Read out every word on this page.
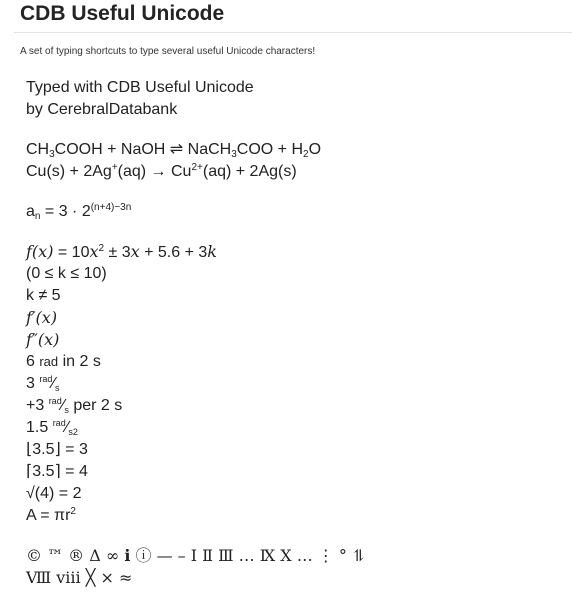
CDB Useful Unicode
A set of typing shortcuts to type several useful Unicode characters!
Typed with CDB Useful Unicode
by CerebralDatabank
$CH_3COOH$ + NaOH ⇌ NaCH$_3$COO + $H_2O$
$Cu(s) + 2Ag^+(aq) \to Cu^{2+}(aq) + 2Ag(s)$
$a_n = 3 \cdot 2^{(n+4)-3n}$
$f(x) = 10x^2 \pm 3x + 5.6 + 3k$
(0 ≤ k ≤ 10)
k ≠ 5
f′(x)
f″(x)
6 rad in 2 s
3 $^{rad}⁄_s$
+3 $^{rad}⁄_s$ per 2 s
1.5 $^{rad}⁄_{s2}$
⌊3.5⌋ = 3
⌈3.5⌉ = 4
√(4) = 2
$A = \pi r^2$
© ™ ® Δ ∞ ℹ ⓘ — – Ⅰ Ⅱ Ⅲ … Ⅸ Ⅹ … ⋮ ° ⥮
Ⅷ ⅷ ╳ × ≈
